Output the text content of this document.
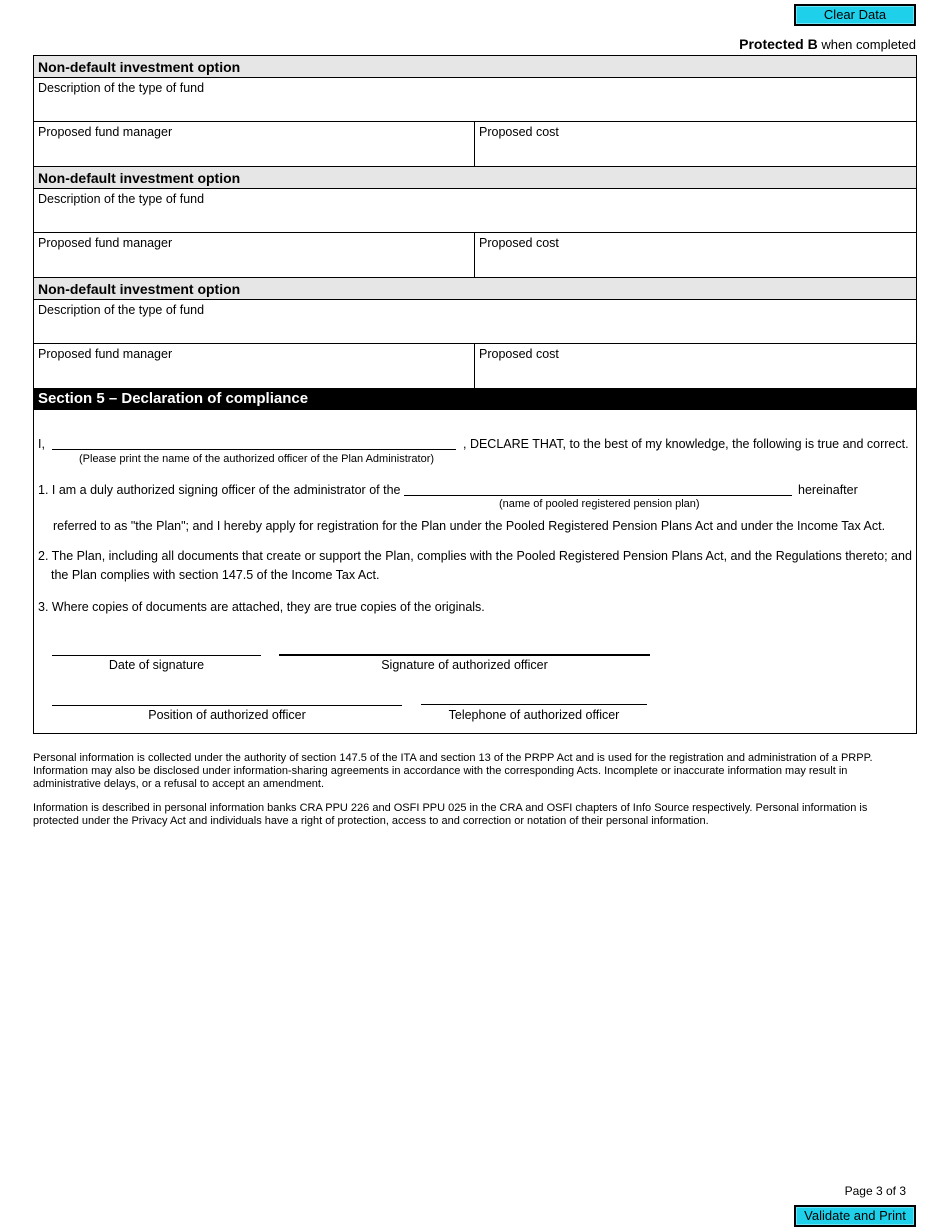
Clear Data
Protected B when completed
Non-default investment option
Description of the type of fund
Proposed fund manager	Proposed cost
Non-default investment option
Description of the type of fund
Proposed fund manager	Proposed cost
Non-default investment option
Description of the type of fund
Proposed fund manager	Proposed cost
Section 5 – Declaration of compliance
I,	, DECLARE THAT, to the best of my knowledge, the following is true and correct.
(Please print the name of the authorized officer of the Plan Administrator)
1. I am a duly authorized signing officer of the administrator of the	hereinafter
(name of pooled registered pension plan)
referred to as "the Plan"; and I hereby apply for registration for the Plan under the Pooled Registered Pension Plans Act and under the Income Tax Act.
2. The Plan, including all documents that create or support the Plan, complies with the Pooled Registered Pension Plans Act, and the Regulations thereto; and
the Plan complies with section 147.5 of the Income Tax Act.
3. Where copies of documents are attached, they are true copies of the originals.
Date of signature	Signature of authorized officer
Position of authorized officer	Telephone of authorized officer
Personal information is collected under the authority of section 147.5 of the ITA and section 13 of the PRPP Act and is used for the registration and administration of a PRPP. Information may also be disclosed under information-sharing agreements in accordance with the corresponding Acts. Incomplete or inaccurate information may result in administrative delays, or a refusal to accept an amendment.
Information is described in personal information banks CRA PPU 226 and OSFI PPU 025 in the CRA and OSFI chapters of Info Source respectively. Personal information is protected under the Privacy Act and individuals have a right of protection, access to and correction or notation of their personal information.
Page 3 of 3
Validate and Print
